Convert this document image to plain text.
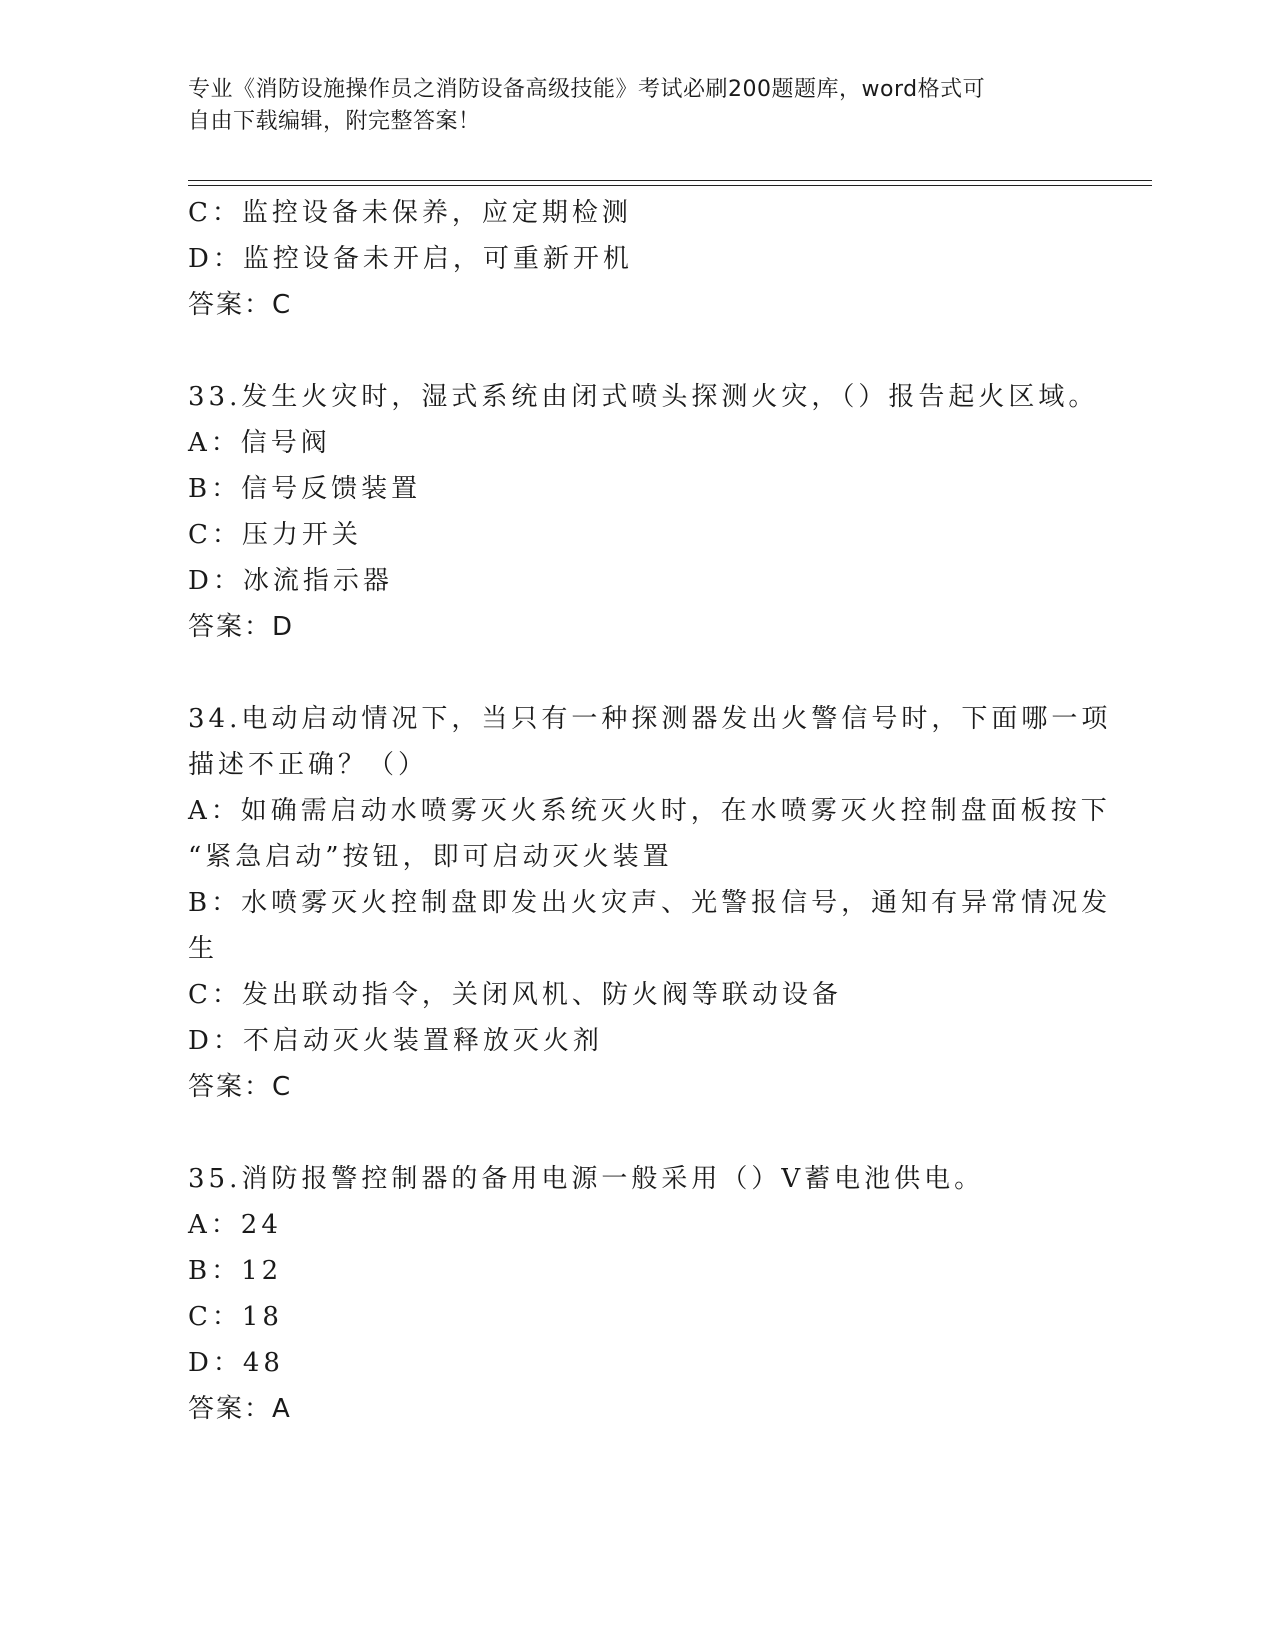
专业《消防设施操作员之消防设备高级技能》考试必刷200题题库，word格式可
自由下载编辑，附完整答案！
C：监控设备未保养，应定期检测
D：监控设备未开启，可重新开机
答案：C
33.发生火灾时，湿式系统由闭式喷头探测火灾，（）报告起火区域。
A：信号阀
B：信号反馈装置
C：压力开关
D：冰流指示器
答案：D
34.电动启动情况下，当只有一种探测器发出火警信号时，下面哪一项
描述不正确？（）
A：如确需启动水喷雾灭火系统灭火时，在水喷雾灭火控制盘面板按下
“紧急启动”按钮，即可启动灭火装置
B：水喷雾灭火控制盘即发出火灾声、光警报信号，通知有异常情况发
生
C：发出联动指令，关闭风机、防火阀等联动设备
D：不启动灭火装置释放灭火剂
答案：C
35.消防报警控制器的备用电源一般采用（）V蓄电池供电。
A：24
B：12
C：18
D：48
答案：A
